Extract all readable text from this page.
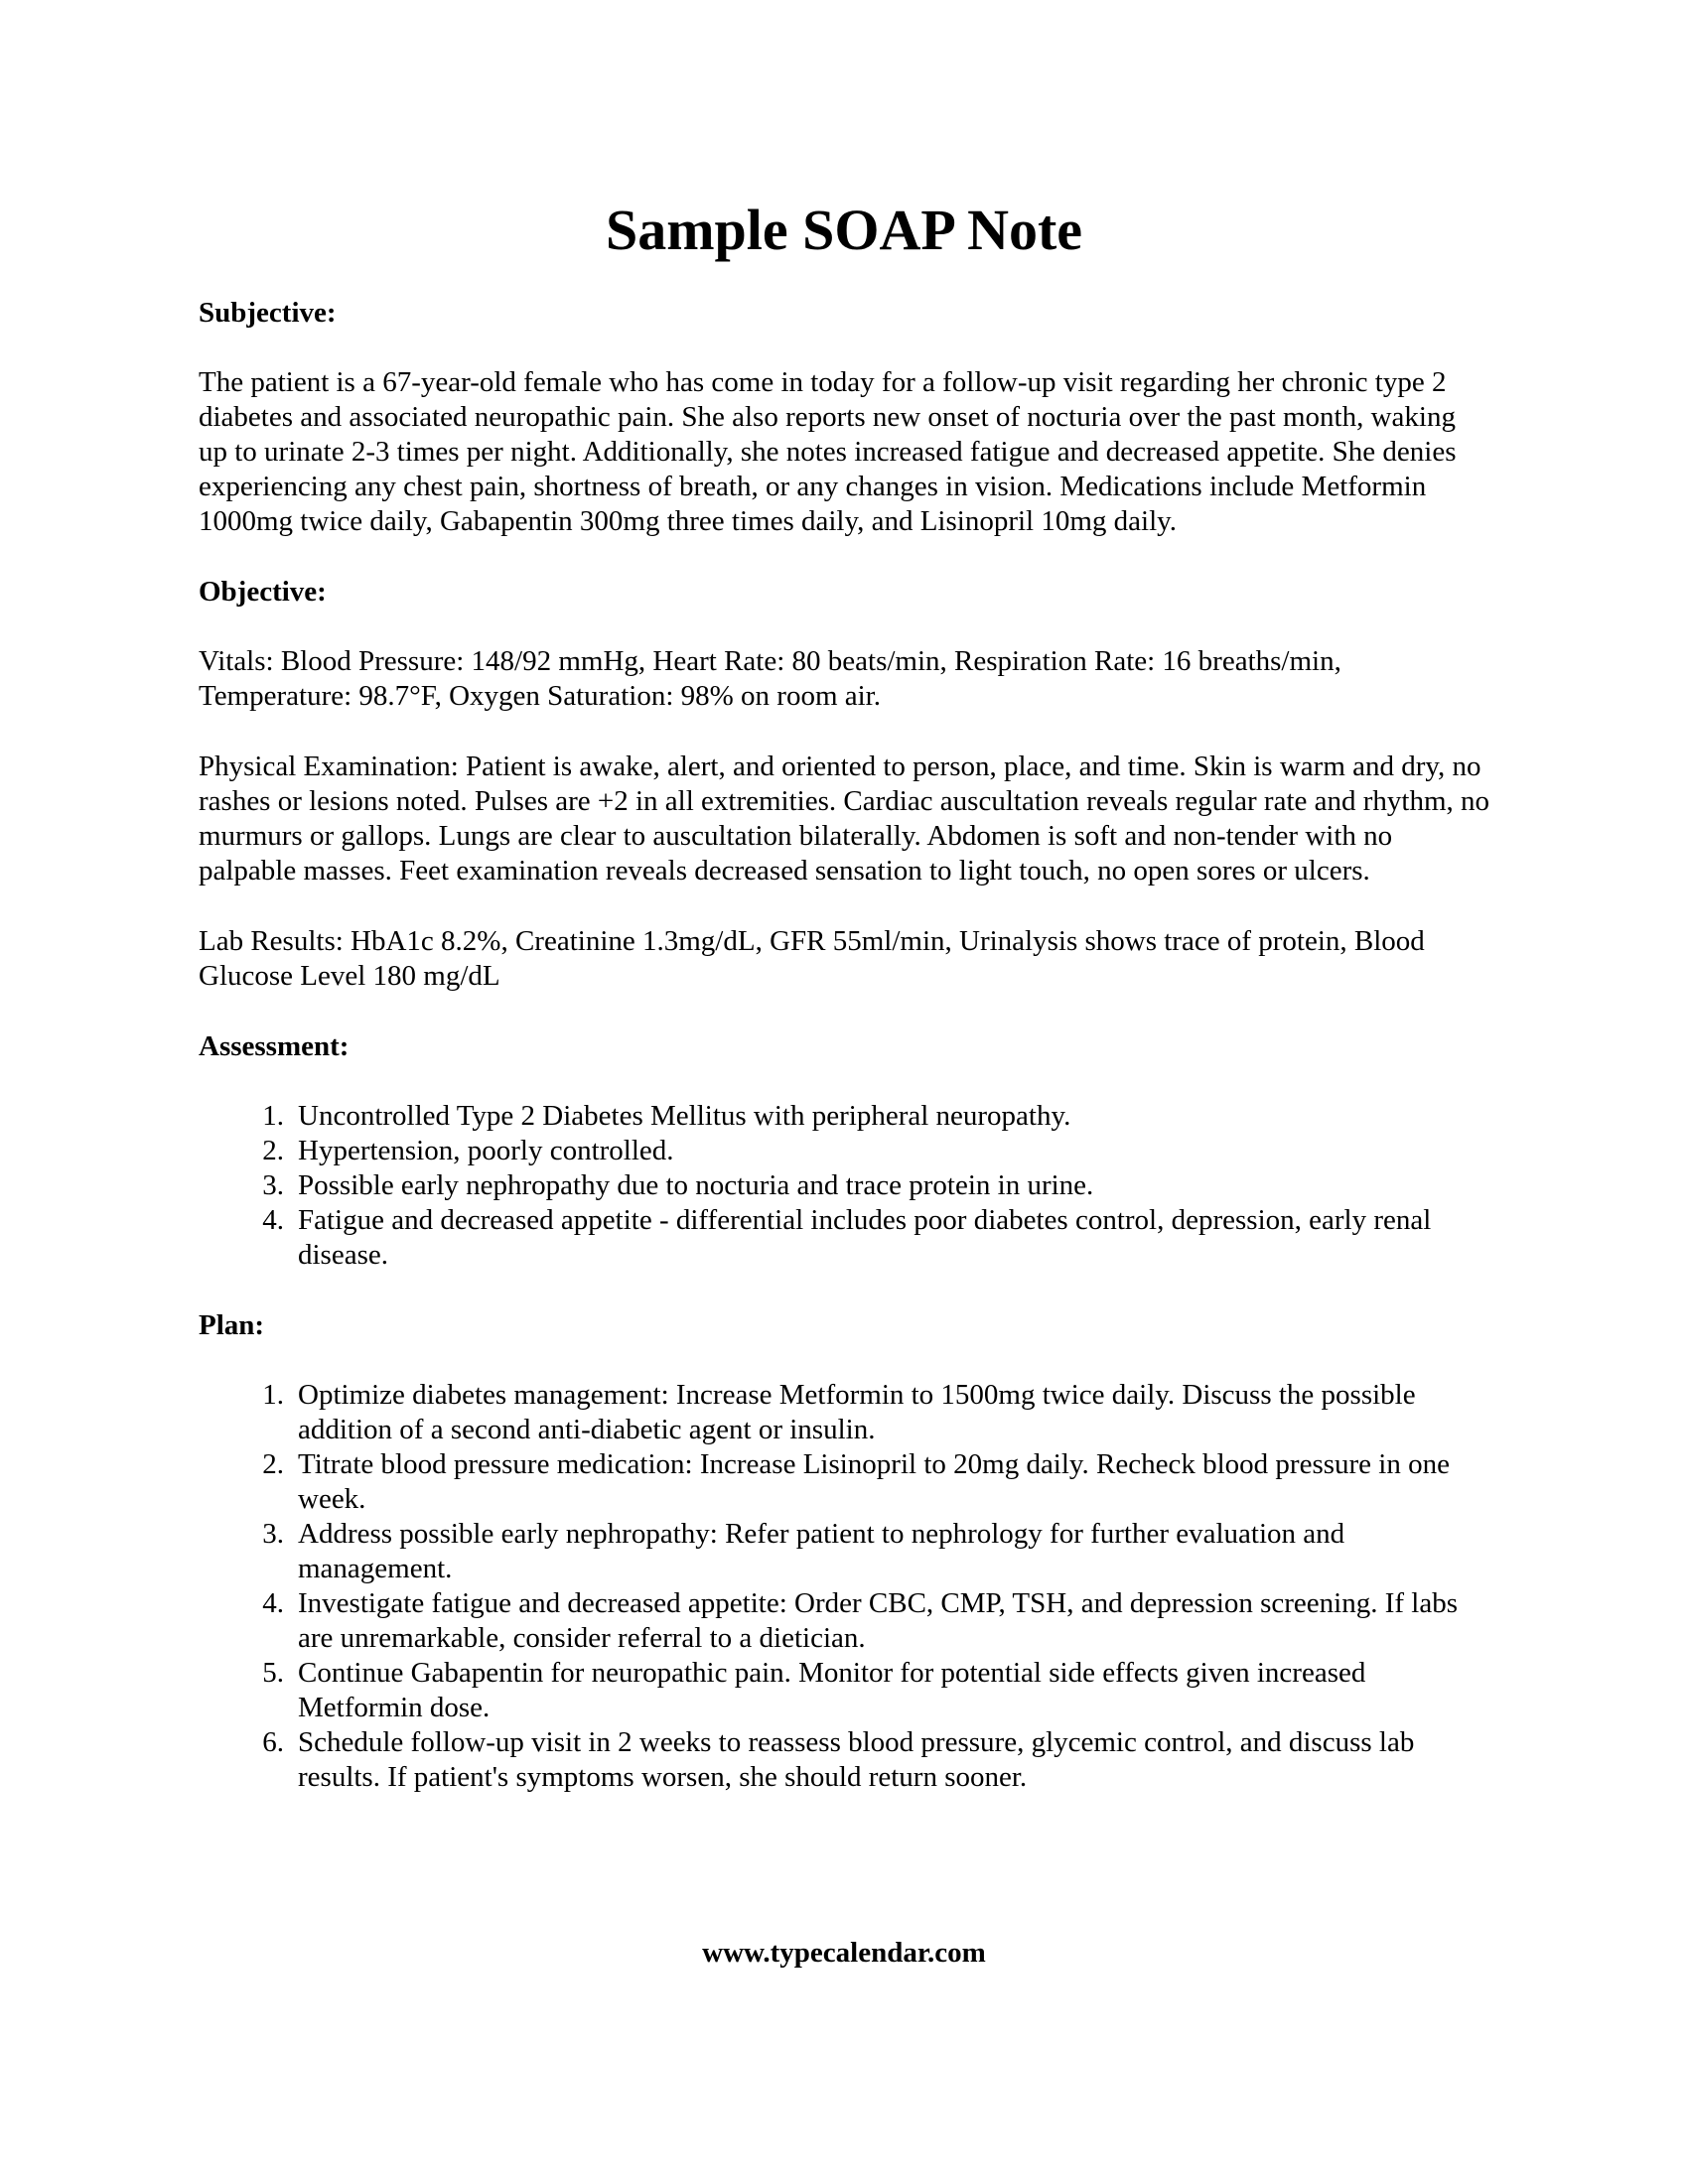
Sample SOAP Note

Subjective:

The patient is a 67-year-old female who has come in today for a follow-up visit regarding her chronic type 2 diabetes and associated neuropathic pain. She also reports new onset of nocturia over the past month, waking up to urinate 2-3 times per night. Additionally, she notes increased fatigue and decreased appetite. She denies experiencing any chest pain, shortness of breath, or any changes in vision. Medications include Metformin 1000mg twice daily, Gabapentin 300mg three times daily, and Lisinopril 10mg daily.

Objective:

Vitals: Blood Pressure: 148/92 mmHg, Heart Rate: 80 beats/min, Respiration Rate: 16 breaths/min, Temperature: 98.7°F, Oxygen Saturation: 98% on room air.

Physical Examination: Patient is awake, alert, and oriented to person, place, and time. Skin is warm and dry, no rashes or lesions noted. Pulses are +2 in all extremities. Cardiac auscultation reveals regular rate and rhythm, no murmurs or gallops. Lungs are clear to auscultation bilaterally. Abdomen is soft and non-tender with no palpable masses. Feet examination reveals decreased sensation to light touch, no open sores or ulcers.

Lab Results: HbA1c 8.2%, Creatinine 1.3mg/dL, GFR 55ml/min, Urinalysis shows trace of protein, Blood Glucose Level 180 mg/dL

Assessment:

1. Uncontrolled Type 2 Diabetes Mellitus with peripheral neuropathy.
2. Hypertension, poorly controlled.
3. Possible early nephropathy due to nocturia and trace protein in urine.
4. Fatigue and decreased appetite - differential includes poor diabetes control, depression, early renal disease.

Plan:

1. Optimize diabetes management: Increase Metformin to 1500mg twice daily. Discuss the possible addition of a second anti-diabetic agent or insulin.
2. Titrate blood pressure medication: Increase Lisinopril to 20mg daily. Recheck blood pressure in one week.
3. Address possible early nephropathy: Refer patient to nephrology for further evaluation and management.
4. Investigate fatigue and decreased appetite: Order CBC, CMP, TSH, and depression screening. If labs are unremarkable, consider referral to a dietician.
5. Continue Gabapentin for neuropathic pain. Monitor for potential side effects given increased Metformin dose.
6. Schedule follow-up visit in 2 weeks to reassess blood pressure, glycemic control, and discuss lab results. If patient's symptoms worsen, she should return sooner.
www.typecalendar.com
